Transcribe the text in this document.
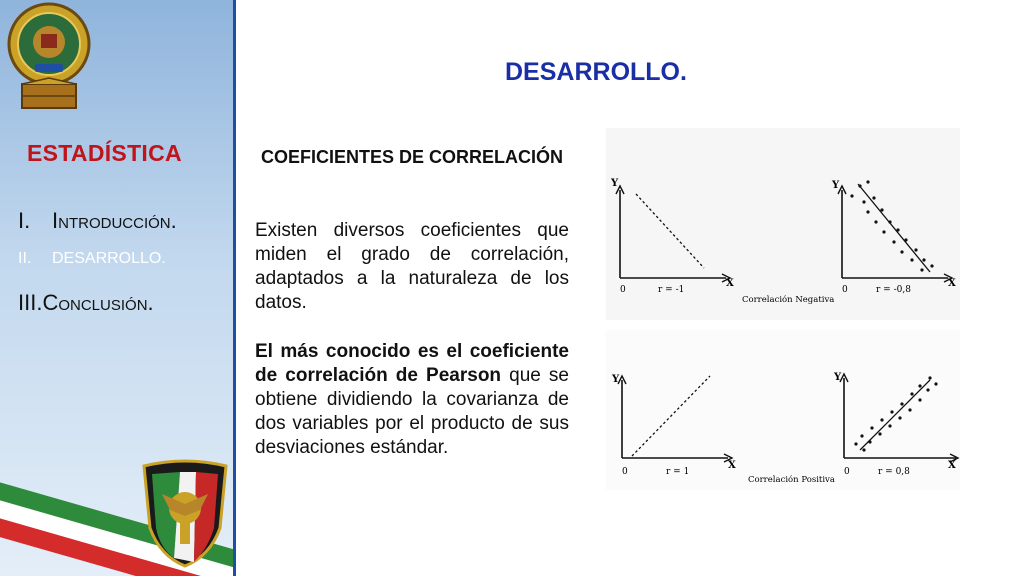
ESTADÍSTICA
I. Introducción.
II. DESARROLLO.
III.Conclusión.
DESARROLLO.
COEFICIENTES DE CORRELACIÓN

Existen diversos coeficientes que miden el grado de correlación, adaptados a la naturaleza de los datos.

El más conocido es el coeficiente de correlación de Pearson que se obtiene dividiendo la covarianza de dos variables por el producto de sus desviaciones estándar.

Y
X
0	r = -1
Y
X
0	r = -0,8
Correlación Negativa
Y
X
0	r = 1
Y
X
0	r = 0,8
Correlación Positiva
